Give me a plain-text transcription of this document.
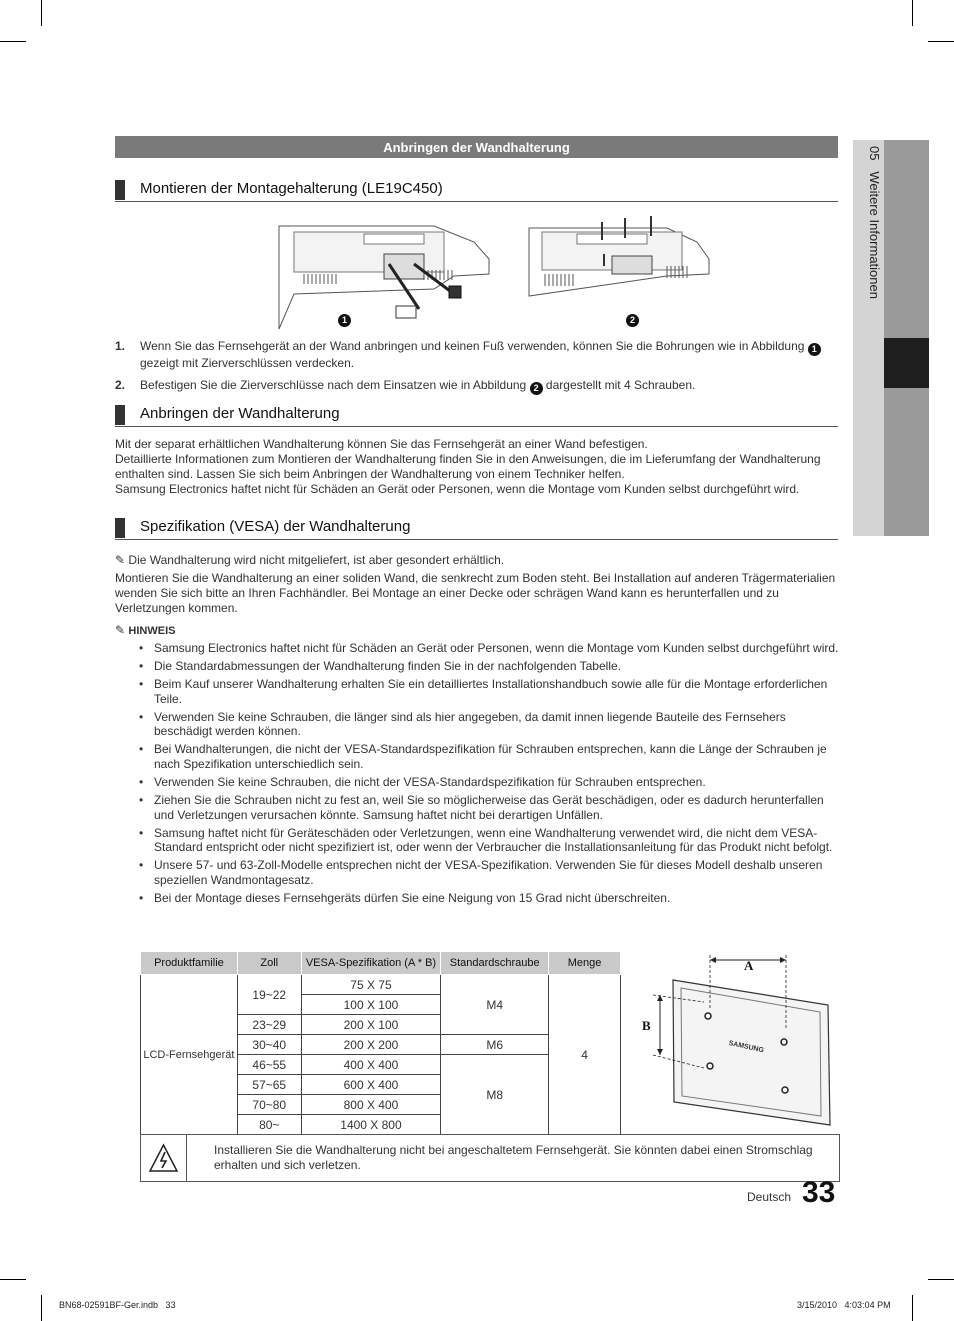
05   Weitere Informationen
Anbringen der Wandhalterung
Montieren der Montagehalterung (LE19C450)
1	2
1. Wenn Sie das Fernsehgerät an der Wand anbringen und keinen Fuß verwenden, können Sie die Bohrungen wie in Abbildung 1 gezeigt mit Zierverschlüssen verdecken.
2. Befestigen Sie die Zierverschlüsse nach dem Einsatzen wie in Abbildung 2 dargestellt mit 4 Schrauben.
Anbringen der Wandhalterung
Mit der separat erhältlichen Wandhalterung können Sie das Fernsehgerät an einer Wand befestigen.
Detaillierte Informationen zum Montieren der Wandhalterung finden Sie in den Anweisungen, die im Lieferumfang der Wandhalterung enthalten sind. Lassen Sie sich beim Anbringen der Wandhalterung von einem Techniker helfen.
Samsung Electronics haftet nicht für Schäden an Gerät oder Personen, wenn die Montage vom Kunden selbst durchgeführt wird.
Spezifikation (VESA) der Wandhalterung
✎ Die Wandhalterung wird nicht mitgeliefert, ist aber gesondert erhältlich.
Montieren Sie die Wandhalterung an einer soliden Wand, die senkrecht zum Boden steht. Bei Installation auf anderen Trägermaterialien wenden Sie sich bitte an Ihren Fachhändler. Bei Montage an einer Decke oder schrägen Wand kann es herunterfallen und zu Verletzungen kommen.
✎ HINWEIS
• Samsung Electronics haftet nicht für Schäden an Gerät oder Personen, wenn die Montage vom Kunden selbst durchgeführt wird.
• Die Standardabmessungen der Wandhalterung finden Sie in der nachfolgenden Tabelle.
• Beim Kauf unserer Wandhalterung erhalten Sie ein detailliertes Installationshandbuch sowie alle für die Montage erforderlichen Teile.
• Verwenden Sie keine Schrauben, die länger sind als hier angegeben, da damit innen liegende Bauteile des Fernsehers beschädigt werden können.
• Bei Wandhalterungen, die nicht der VESA-Standardspezifikation für Schrauben entsprechen, kann die Länge der Schrauben je nach Spezifikation unterschiedlich sein.
• Verwenden Sie keine Schrauben, die nicht der VESA-Standardspezifikation für Schrauben entsprechen.
• Ziehen Sie die Schrauben nicht zu fest an, weil Sie so möglicherweise das Gerät beschädigen, oder es dadurch herunterfallen und Verletzungen verursachen könnte. Samsung haftet nicht bei derartigen Unfällen.
• Samsung haftet nicht für Geräteschäden oder Verletzungen, wenn eine Wandhalterung verwendet wird, die nicht dem VESA-Standard entspricht oder nicht spezifiziert ist, oder wenn der Verbraucher die Installationsanleitung für das Produkt nicht befolgt.
• Unsere 57- und 63-Zoll-Modelle entsprechen nicht der VESA-Spezifikation. Verwenden Sie für dieses Modell deshalb unseren speziellen Wandmontagesatz.
• Bei der Montage dieses Fernsehgeräts dürfen Sie eine Neigung von 15 Grad nicht überschreiten.
Produktfamilie	Zoll	VESA-Spezifikation (A * B)	Standardschraube	Menge
LCD-Fernsehgerät	19~22	75 X 75	M4	4
		100 X 100		
	23~29	200 X 100		
	30~40	200 X 200	M6	
	46~55	400 X 400	M8	
	57~65	600 X 400		
	70~80	800 X 400		
	80~	1400 X 800		
A
B
SAMSUNG
Installieren Sie die Wandhalterung nicht bei angeschaltetem Fernsehgerät. Sie könnten dabei einen Stromschlag erhalten und sich verletzen.
Deutsch 33
BN68-02591BF-Ger.indb   33	3/15/2010   4:03:04 PM
